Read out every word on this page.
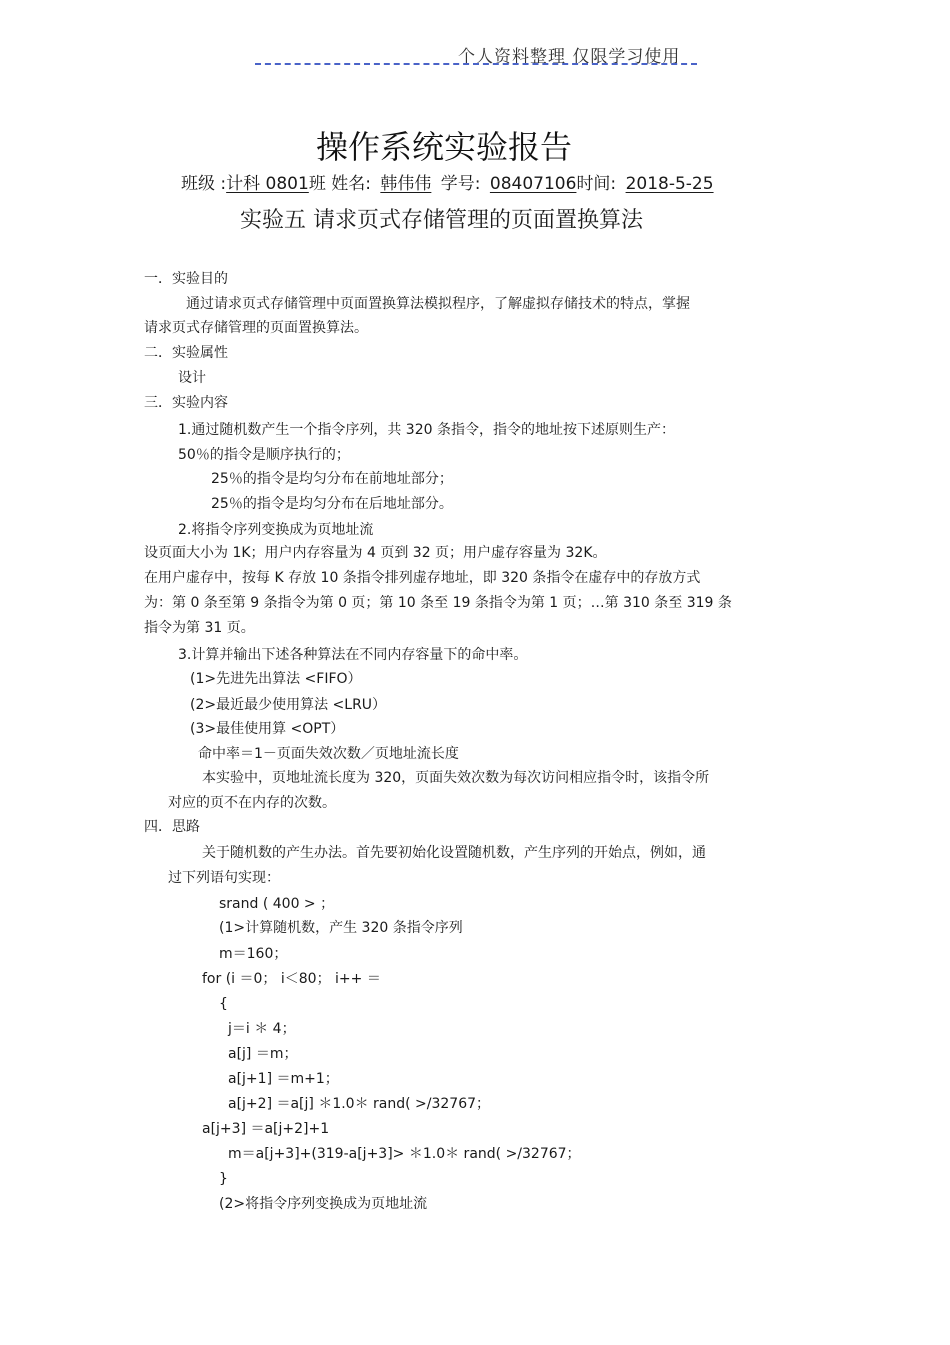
个人资料整理 仅限学习使用
操作系统实验报告
班级 :计科 0801班 姓名: 韩伟伟 学号: 08407106时间: 2018-5-25
实验五 请求页式存储管理的页面置换算法
一．实验目的
通过请求页式存储管理中页面置换算法模拟程序，了解虚拟存储技术的特点，掌握
请求页式存储管理的页面置换算法。
二．实验属性
设计
三．实验内容
1.通过随机数产生一个指令序列，共 320 条指令，指令的地址按下述原则生产：
50％的指令是顺序执行的；
25％的指令是均匀分布在前地址部分；
25％的指令是均匀分布在后地址部分。
2.将指令序列变换成为页地址流
设页面大小为 1K；用户内存容量为 4 页到 32 页；用户虚存容量为 32K。
在用户虚存中，按每 K 存放 10 条指令排列虚存地址，即 320 条指令在虚存中的存放方式
为：第 0 条至第 9 条指令为第 0 页；第 10 条至 19 条指令为第 1 页；…第 310 条至 319 条
指令为第 31 页。
3.计算并输出下述各种算法在不同内存容量下的命中率。
(1>先进先出算法 <FIFO）
(2>最近最少使用算法 <LRU）
(3>最佳使用算 <OPT）
命中率＝1－页面失效次数／页地址流长度
本实验中，页地址流长度为 320，页面失效次数为每次访问相应指令时，该指令所
对应的页不在内存的次数。
四．思路
关于随机数的产生办法。首先要初始化设置随机数，产生序列的开始点，例如，通
过下列语句实现：
srand ( 400 > ；
(1>计算随机数，产生 320 条指令序列
m＝160；
for (i ＝0； i＜80； i++ ＝
{
j＝i ＊ 4；
a[j] ＝m；
a[j+1] ＝m+1；
a[j+2] ＝a[j] ＊1.0＊ rand( >/32767；
a[j+3] ＝a[j+2]+1
m＝a[j+3]+(319-a[j+3]> ＊1.0＊ rand( >/32767；
}
(2>将指令序列变换成为页地址流
